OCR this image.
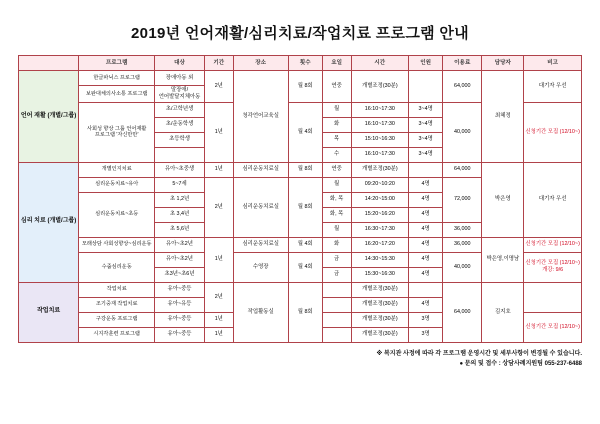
2019년 언어재활/심리치료/작업치료 프로그램 안내
	프로그램	대상	기간	장소	횟수	요일	시간	인원	이용료	담당자	비고
언어 재활 (개별/그룹)	한글파닉스 프로그램	장애아동 외	2년	청각언어교육실	월 8회	연중	개별조정(30분)		64,000	최혜정	대기자 우선
	보완대체의사소통 프로그램	말장애/언어발달지체아동									
	사회성 향상 그룹 언어재활 프로그램 '자신만만'	초/고학년생	1년		월 4회	월	16:10~17:30	3~4명	40,000		신청기간 모집 (12/10~)
		초/운동학생				화	16:10~17:30	3~4명			
		초등학생				목	15:10~16:30	3~4명			
						수	16:10~17:30	3~4명			
심리 치료 (개별/그룹)	개별인지치료	유아~초중생	1년	심리운동치료실	월 8회	연중	개별조정(30분)		64,000	박은영	대기자 우선
	심리운동치료~유아	5~7세	2년	심리운동치료실	월 8회	월	09:20~10:20	4명	72,000		
	심리운동치료~초등	초 1,2년				화, 목	14:20~15:00	4명			
		초 3,4년				화, 목	15:20~16:20	4명			
		초 5,6년				월	16:30~17:30	4명	36,000		
	모래상담 사회성향상~심리운동	유아~초2년	1년	심리운동치료실	월 4회	화	16:20~17:20	4명	36,000	박은영,이명남	신청기간 모집 (12/10~)
	수줍심리운동	유아~초2년		수영장	월 4회	금	14:30~15:30	4명	40,000		신청기간 모집 (12/10~) 개강: 9/6
		초3년~초6년				금	15:30~16:30	4명			
작업치료	작업치료	유아~중등	2년	작업활동실	월 8회		개별조정(30분)		64,000	김지호	
	조기중재 작업치료	유아~유등					개별조정(30분)	4명			
	구강운동 프로그램	유아~중등	1년				개별조정(30분)	3명			신청기간 모집 (12/10~)
	시지각훈련 프로그램	유아~중등	1년				개별조정(30분)	3명			
※ 복지관 사정에 따라 각 프로그램 운영시간 및 세부사항이 변경될 수 있습니다.
● 문의 및 접수 : 상담사례지원팀 055-237-6488
